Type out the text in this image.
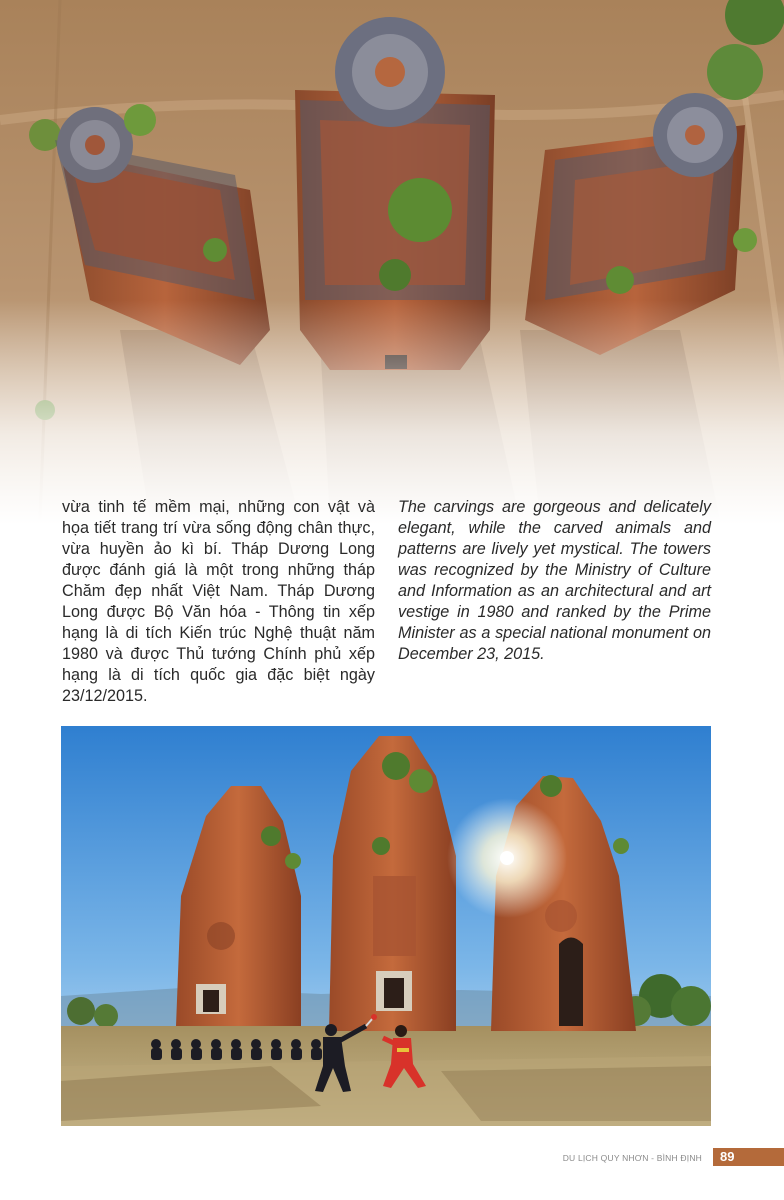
vừa tinh tế mềm mại, những con vật và họa tiết trang trí vừa sống động chân thực, vừa huyền ảo kì bí. Tháp Dương Long được đánh giá là một trong những tháp Chăm đẹp nhất Việt Nam. Tháp Dương Long được Bộ Văn hóa - Thông tin xếp hạng là di tích Kiến trúc Nghệ thuật năm 1980 và được Thủ tướng Chính phủ xếp hạng là di tích quốc gia đặc biệt ngày 23/12/2015.
The carvings are gorgeous and delicately elegant, while the carved animals and patterns are lively yet mystical. The towers was recognized by the Ministry of Culture and Information as an architectural and art vestige in 1980 and ranked by the Prime Minister as a special national monument on December 23, 2015.
DU LỊCH QUY NHƠN - BÌNH ĐỊNH 89
